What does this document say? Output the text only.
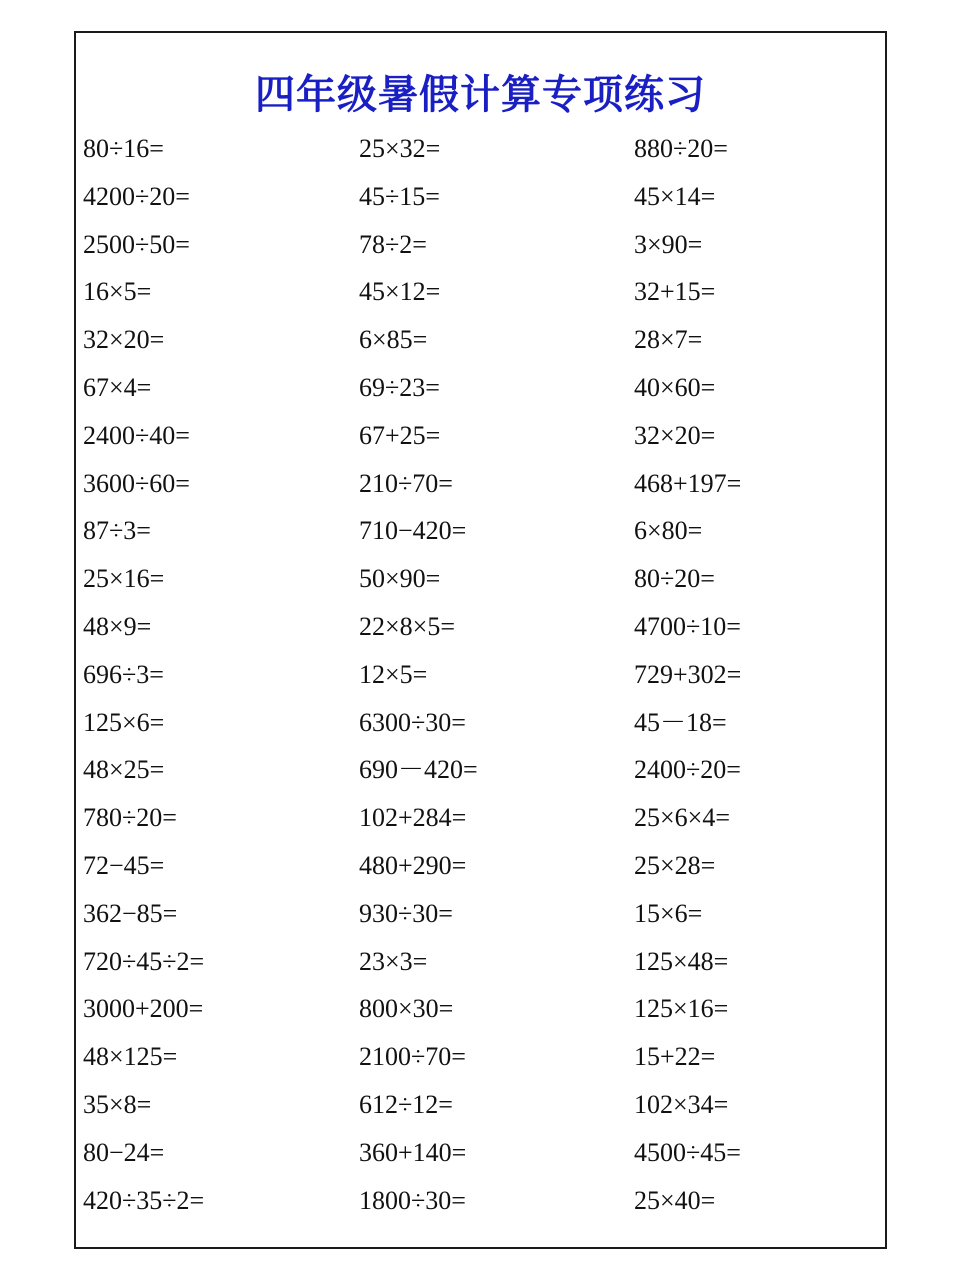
四年级暑假计算专项练习
80÷16=	25×32=	880÷20=
4200÷20=	45÷15=	45×14=
2500÷50=	78÷2=	3×90=
16×5=	45×12=	32+15=
32×20=	6×85=	28×7=
67×4=	69÷23=	40×60=
2400÷40=	67+25=	32×20=
3600÷60=	210÷70=	468+197=
87÷3=	710−420=	6×80=
25×16=	50×90=	80÷20=
48×9=	22×8×5=	4700÷10=
696÷3=	12×5=	729+302=
125×6=	6300÷30=	45－18=
48×25=	690－420=	2400÷20=
780÷20=	102+284=	25×6×4=
72−45=	480+290=	25×28=
362−85=	930÷30=	15×6=
720÷45÷2=	23×3=	125×48=
3000+200=	800×30=	125×16=
48×125=	2100÷70=	15+22=
35×8=	612÷12=	102×34=
80−24=	360+140=	4500÷45=
420÷35÷2=	1800÷30=	25×40=
